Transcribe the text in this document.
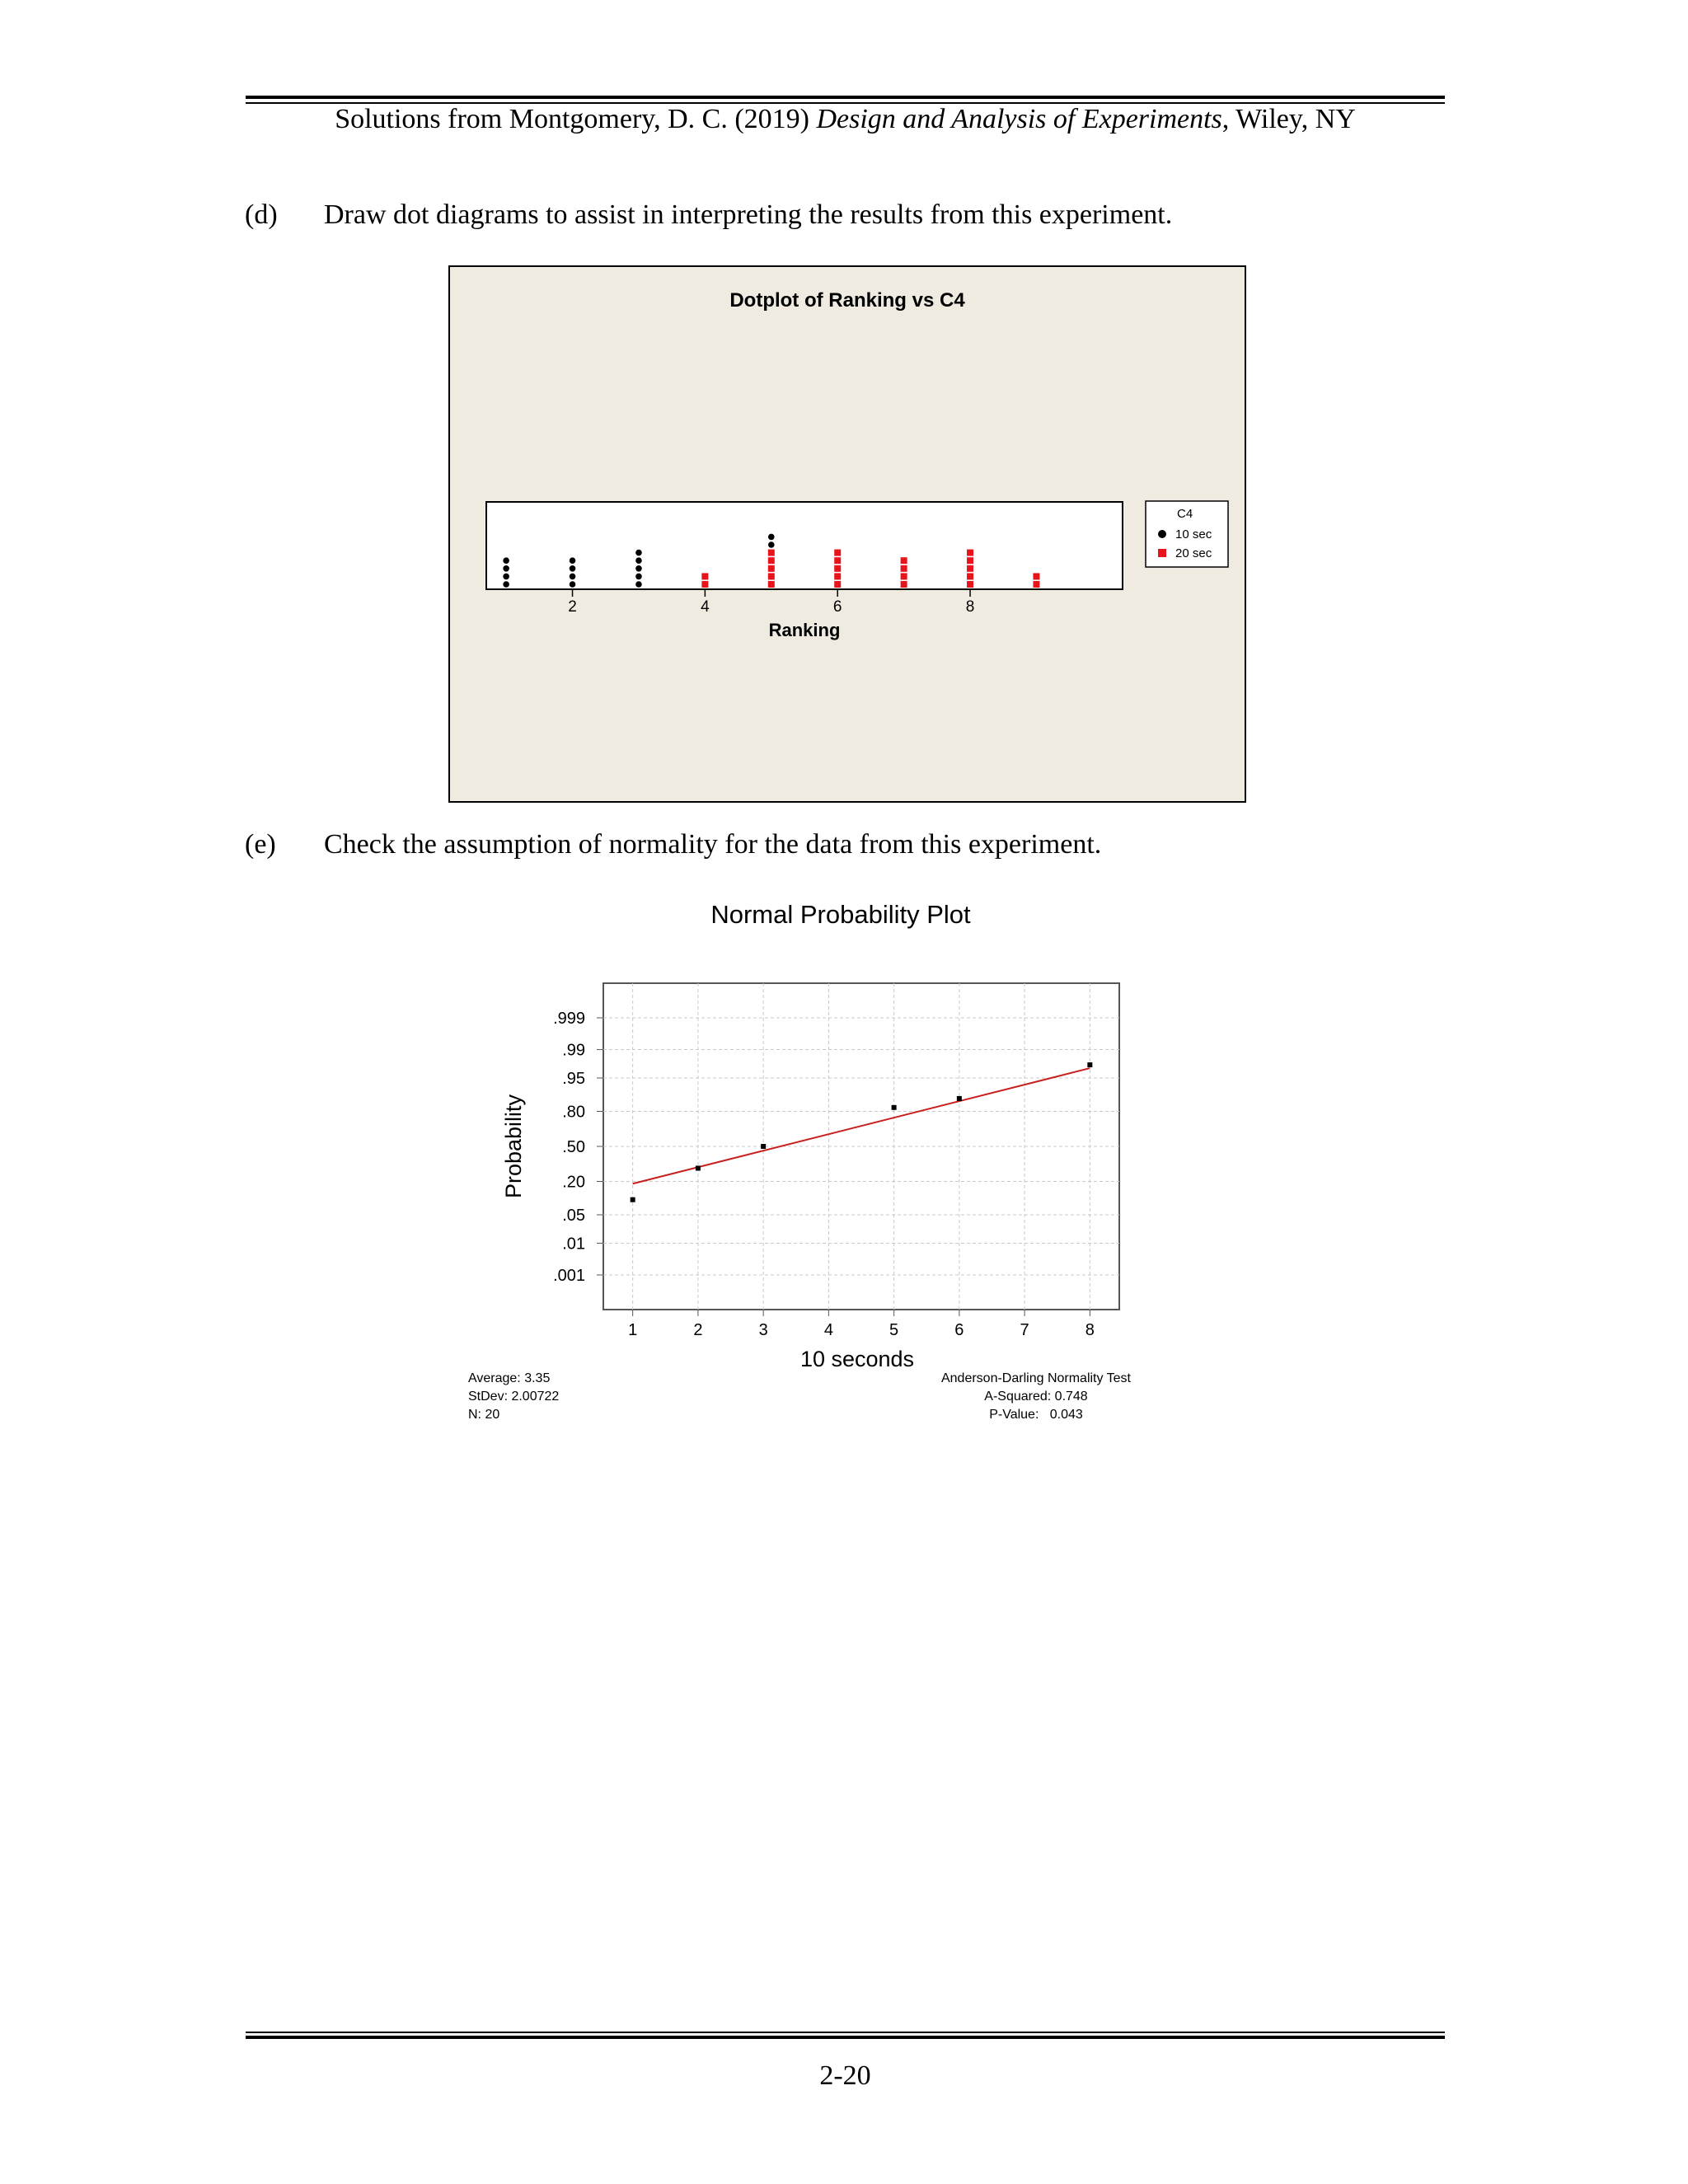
Solutions from Montgomery, D. C. (2019) Design and Analysis of Experiments, Wiley, NY
(d) Draw dot diagrams to assist in interpreting the results from this experiment.
Dotplot of Ranking vs C4
2	4	6	8
Ranking
C4
10 sec
20 sec
(e) Check the assumption of normality for the data from this experiment.
Normal Probability Plot
.999
.99
.95
.80
.50
.20
.05
.01
.001
1	2	3	4	5	6	7	8
Probability
10 seconds
Average: 3.35
StDev: 2.00722
N: 20
Anderson-Darling Normality Test
A-Squared: 0.748
P-Value:   0.043
2-20
